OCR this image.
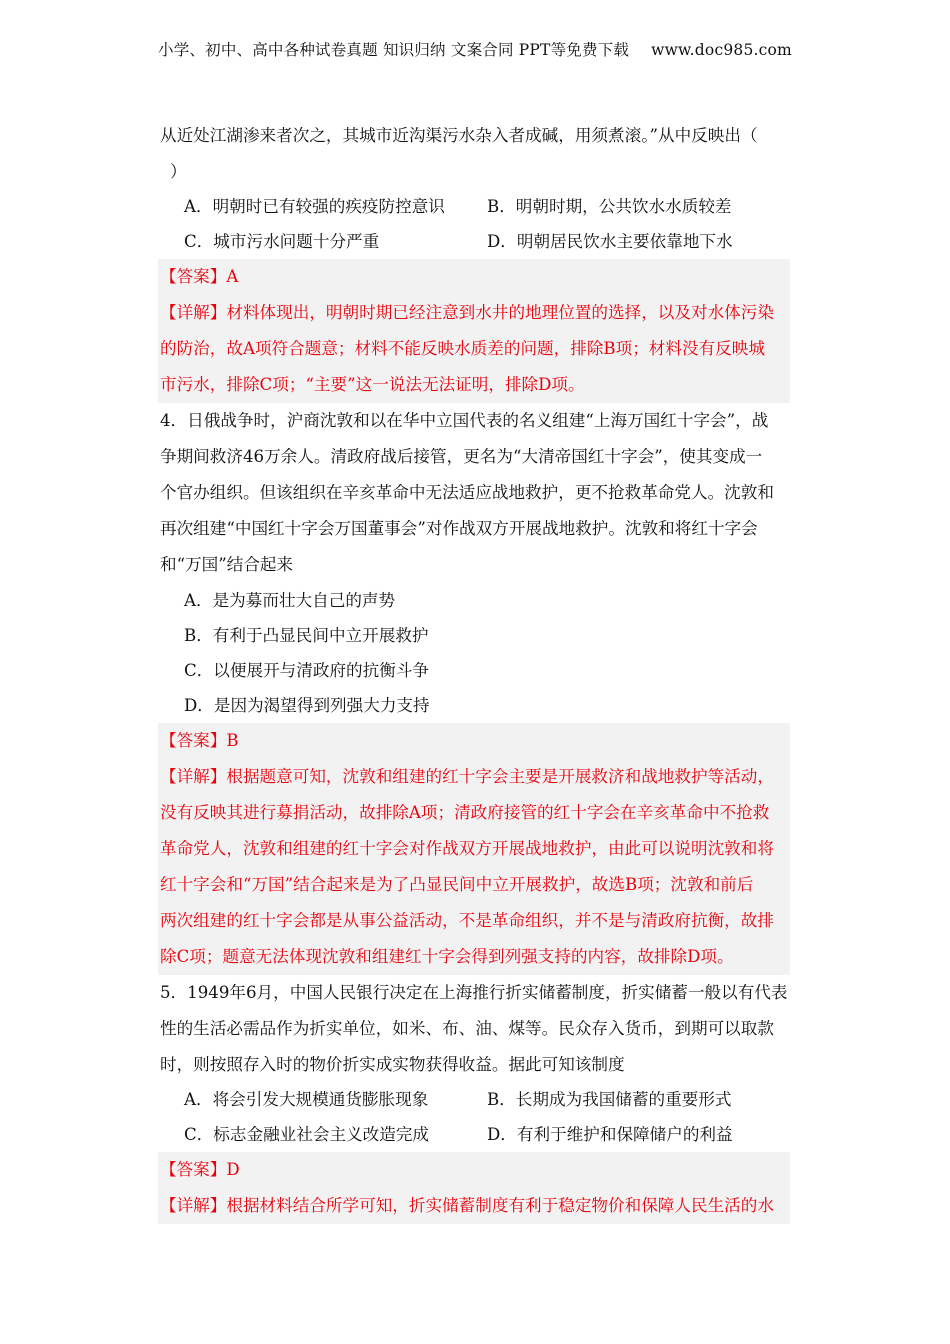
小学、初中、高中各种试卷真题 知识归纳 文案合同 PPT等免费下载 www.doc985.com
从近处江湖渗来者次之，其城市近沟渠污水杂入者成碱，用须煮滚。”从中反映出（
）
A．明朝时已有较强的疾疫防控意识	B．明朝时期，公共饮水水质较差
C．城市污水问题十分严重	D．明朝居民饮水主要依靠地下水
【答案】A
【详解】材料体现出，明朝时期已经注意到水井的地理位置的选择，以及对水体污染
的防治，故A项符合题意；材料不能反映水质差的问题，排除B项；材料没有反映城
市污水，排除C项；“主要”这一说法无法证明，排除D项。
4．日俄战争时，沪商沈敦和以在华中立国代表的名义组建“上海万国红十字会”，战
争期间救济46万余人。清政府战后接管，更名为“大清帝国红十字会”，使其变成一
个官办组织。但该组织在辛亥革命中无法适应战地救护，更不抢救革命党人。沈敦和
再次组建“中国红十字会万国董事会”对作战双方开展战地救护。沈敦和将红十字会
和“万国”结合起来
A．是为募而壮大自己的声势
B．有利于凸显民间中立开展救护
C．以便展开与清政府的抗衡斗争
D．是因为渴望得到列强大力支持
【答案】B
【详解】根据题意可知，沈敦和组建的红十字会主要是开展救济和战地救护等活动，
没有反映其进行募捐活动，故排除A项；清政府接管的红十字会在辛亥革命中不抢救
革命党人，沈敦和组建的红十字会对作战双方开展战地救护，由此可以说明沈敦和将
红十字会和“万国”结合起来是为了凸显民间中立开展救护，故选B项；沈敦和前后
两次组建的红十字会都是从事公益活动，不是革命组织，并不是与清政府抗衡，故排
除C项；题意无法体现沈敦和组建红十字会得到列强支持的内容，故排除D项。
5．1949年6月，中国人民银行决定在上海推行折实储蓄制度，折实储蓄一般以有代表
性的生活必需品作为折实单位，如米、布、油、煤等。民众存入货币，到期可以取款
时，则按照存入时的物价折实成实物获得收益。据此可知该制度
A．将会引发大规模通货膨胀现象	B．长期成为我国储蓄的重要形式
C．标志金融业社会主义改造完成	D．有利于维护和保障储户的利益
【答案】D
【详解】根据材料结合所学可知，折实储蓄制度有利于稳定物价和保障人民生活的水
